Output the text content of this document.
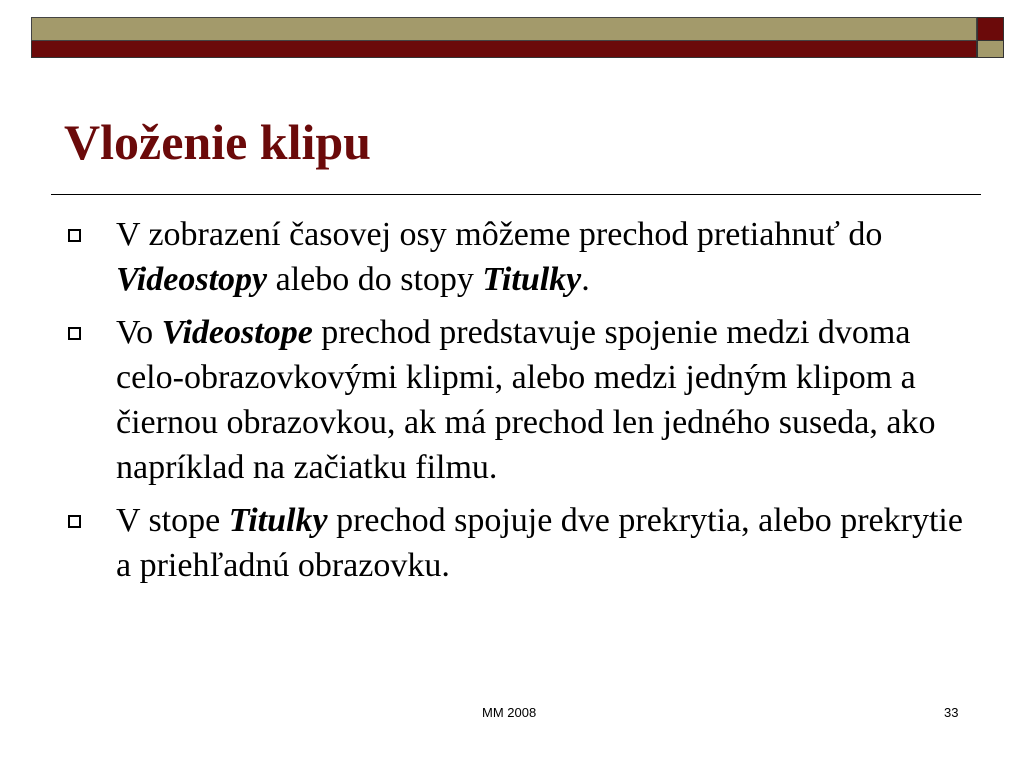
Vloženie klipu
V zobrazení časovej osy môžeme prechod pretiahnuť do Videostopy alebo do stopy Titulky.
Vo Videostope prechod predstavuje spojenie medzi dvoma celo-obrazovkovými klipmi, alebo medzi jedným klipom a čiernou obrazovkou, ak má prechod len jedného suseda, ako napríklad na začiatku filmu.
V stope Titulky prechod spojuje dve prekrytia, alebo prekrytie a priehľadnú obrazovku.
MM 2008	33
